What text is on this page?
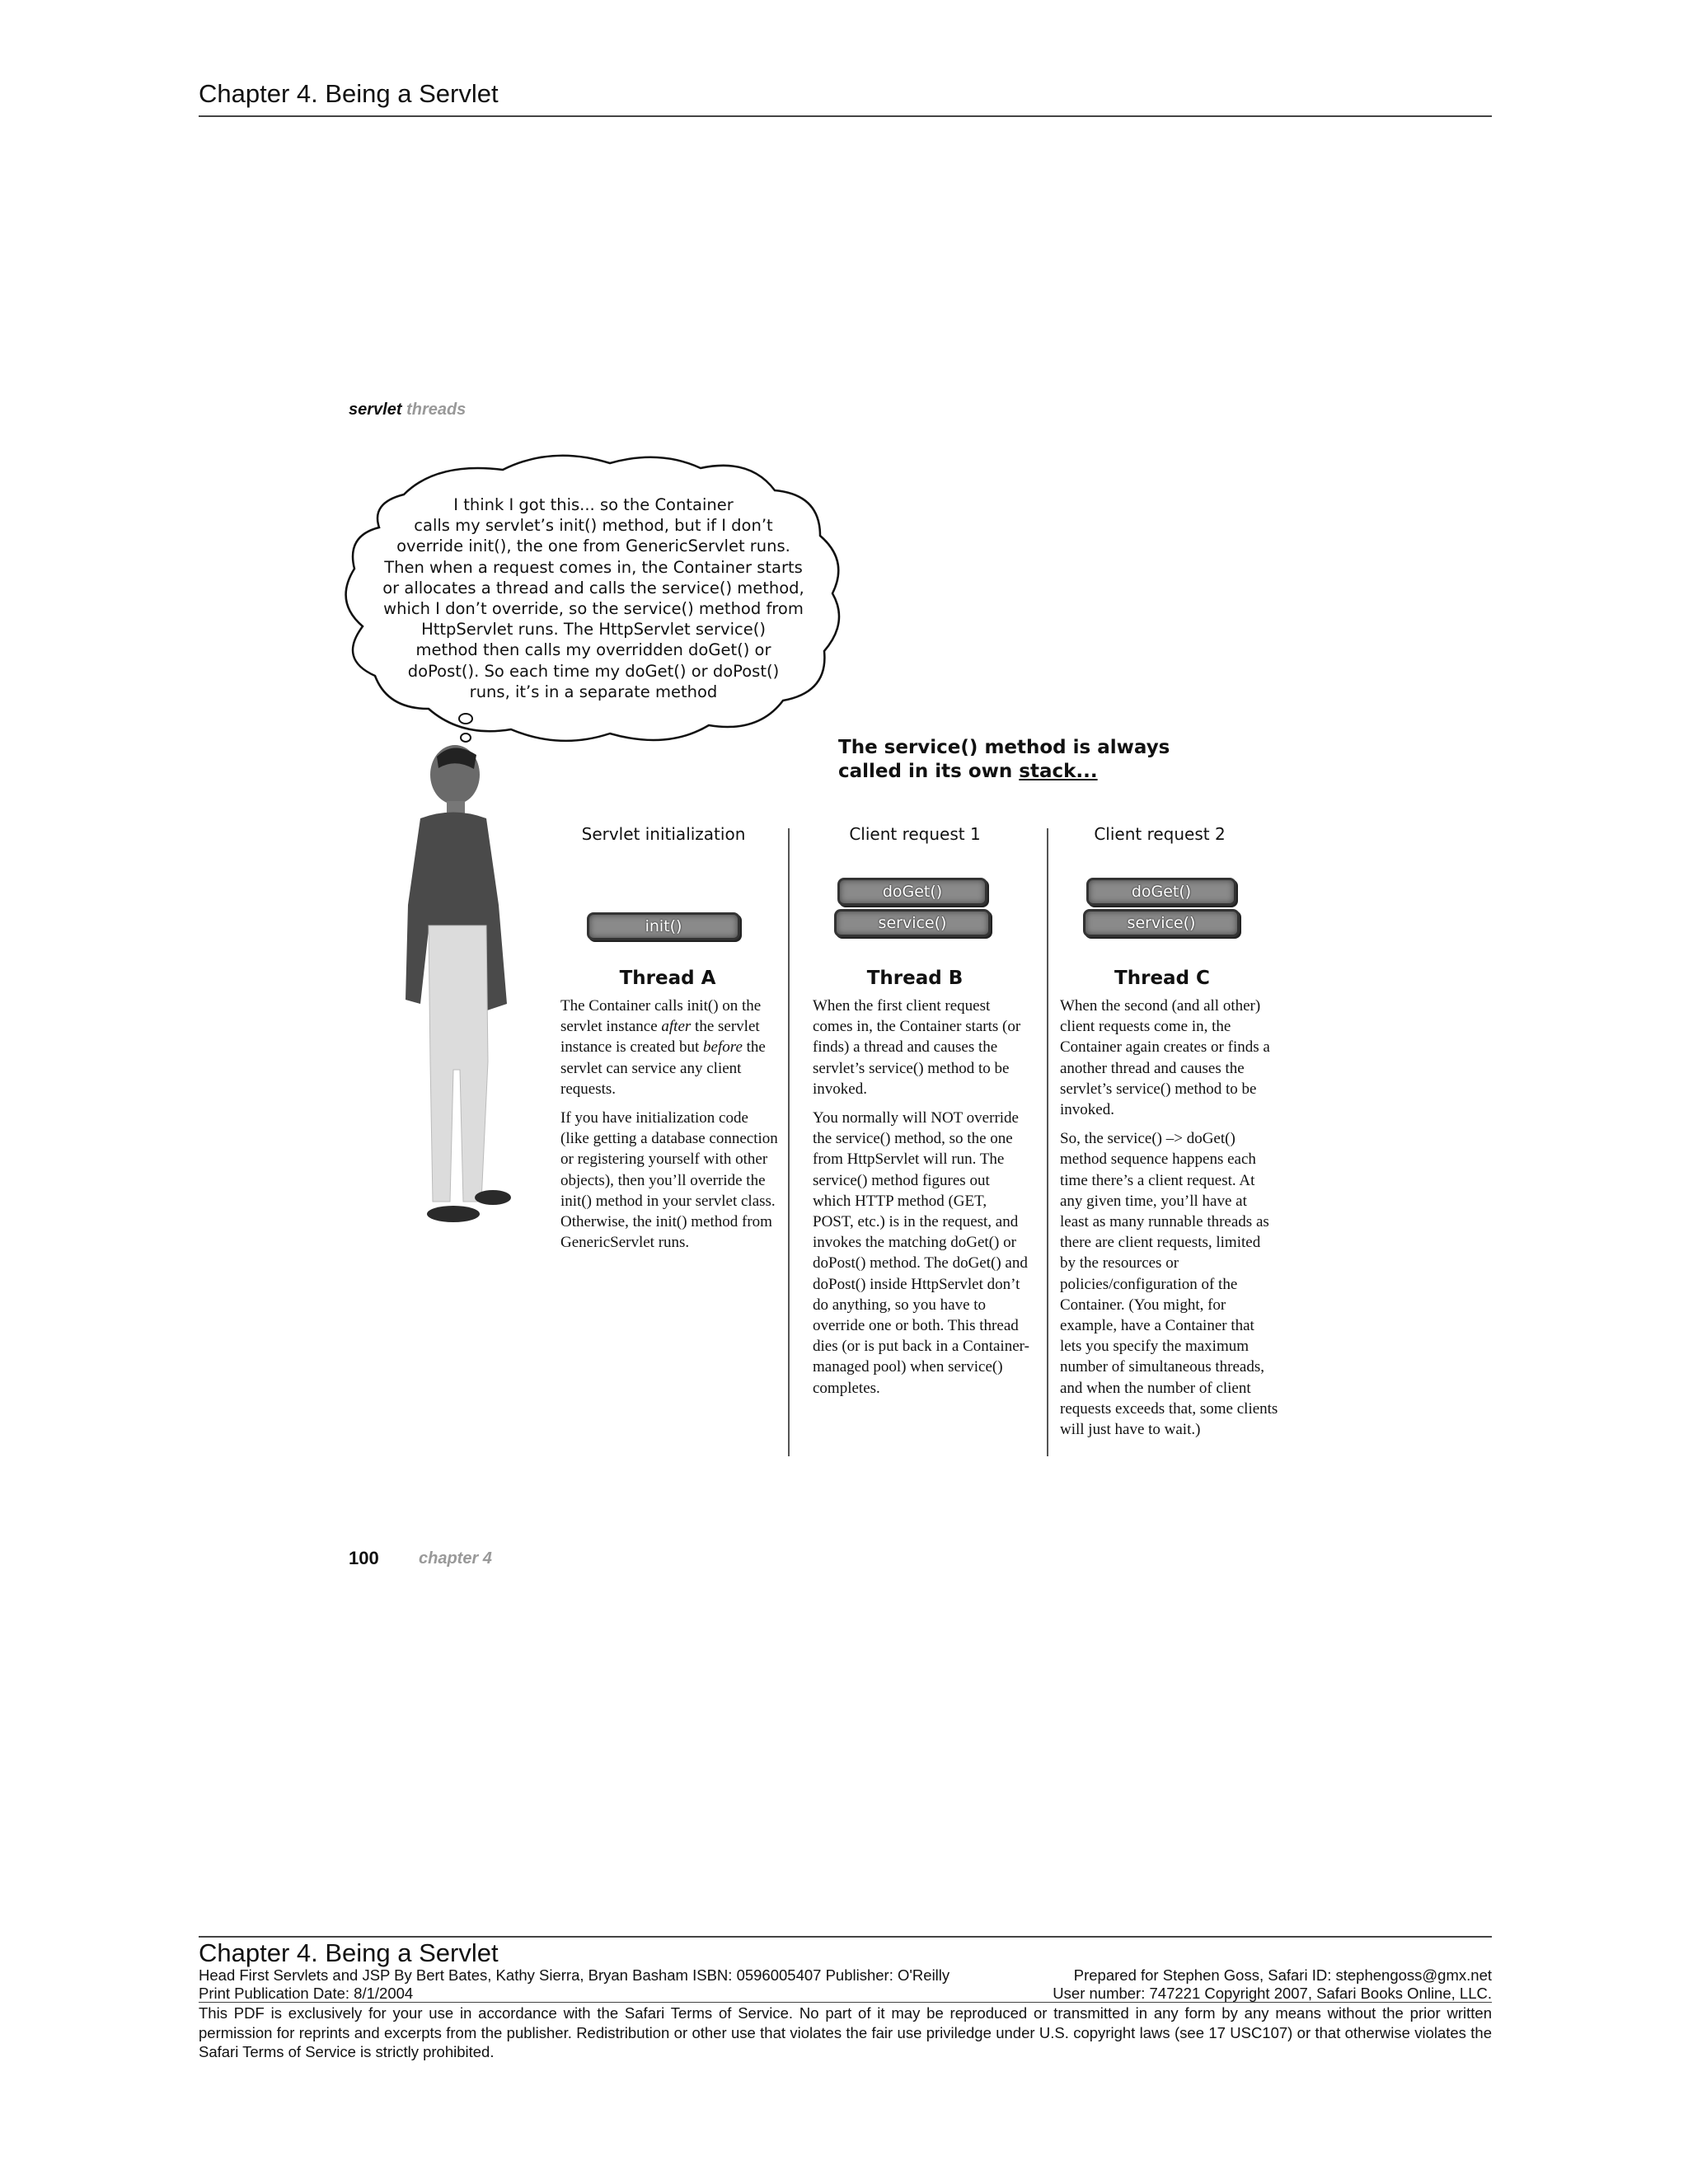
Chapter 4. Being a Servlet
servlet threads
I think I got this... so the Container
calls my servlet’s init() method, but if I don’t
override init(), the one from GenericServlet runs.
Then when a request comes in, the Container starts
or allocates a thread and calls the service() method,
which I don’t override, so the service() method from
HttpServlet runs. The HttpServlet service()
method then calls my overridden doGet() or
doPost(). So each time my doGet() or doPost()
runs, it’s in a separate method
The service() method is always
called in its own stack...
Servlet initialization
init()
Thread A

The Container calls init() on the servlet instance after the servlet instance is created but before the servlet can service any client requests.

If you have initialization code (like getting a database connection or registering yourself with other objects), then you’ll override the init() method in your servlet class. Otherwise, the init() method from GenericServlet runs.

Client request 1
doGet()
service()
Thread B

When the first client request comes in, the Container starts (or finds) a thread and causes the servlet’s service() method to be invoked.

You normally will NOT override the service() method, so the one from HttpServlet will run. The service() method figures out which HTTP method (GET, POST, etc.) is in the request, and invokes the matching doGet() or doPost() method. The doGet() and doPost() inside HttpServlet don’t do anything, so you have to override one or both. This thread dies (or is put back in a Container-managed pool) when service() completes.

Client request 2
doGet()
service()
Thread C

When the second (and all other) client requests come in, the Container again creates or finds a another thread and causes the servlet’s service() method to be invoked.

So, the service() –> doGet() method sequence happens each time there’s a client request. At any given time, you’ll have at least as many runnable threads as there are client requests, limited by the resources or policies/configuration of the Container. (You might, for example, have a Container that lets you specify the maximum number of simultaneous threads, and when the number of client requests exceeds that, some clients will just have to wait.)

100 chapter 4
Chapter 4. Being a Servlet
Head First Servlets and JSP By Bert Bates, Kathy Sierra, Bryan Basham ISBN: 0596005407 Publisher: O'Reilly	Prepared for Stephen Goss, Safari ID: stephengoss@gmx.net
Print Publication Date: 8/1/2004	User number: 747221 Copyright 2007, Safari Books Online, LLC.
This PDF is exclusively for your use in accordance with the Safari Terms of Service. No part of it may be reproduced or transmitted in any form by any means without the prior written permission for reprints and excerpts from the publisher. Redistribution or other use that violates the fair use priviledge under U.S. copyright laws (see 17 USC107) or that otherwise violates the Safari Terms of Service is strictly prohibited.
